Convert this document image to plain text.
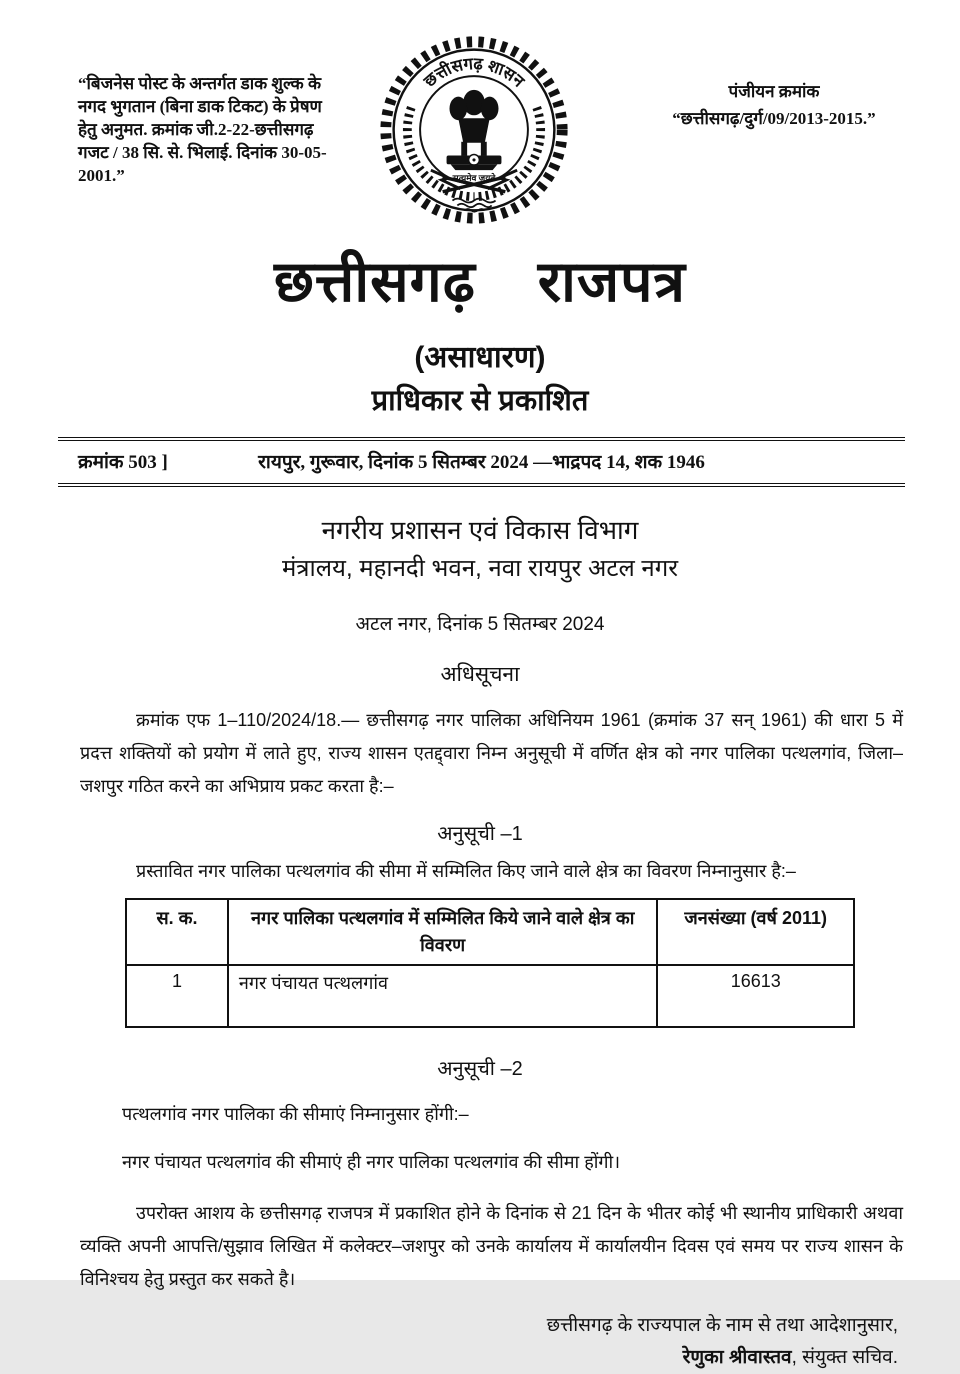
“बिजनेस पोस्ट के अन्तर्गत डाक शुल्क के नगद भुगतान (बिना डाक टिकट) के प्रेषण हेतु अनुमत. क्रमांक जी.2-22-छत्तीसगढ़ गजट / 38 सि. से. भिलाई. दिनांक 30-05-2001.”
छत्तीसगढ़ शासन
सत्यमेव जयते
पंजीयन क्रमांक
“छत्तीसगढ़/दुर्ग/09/2013-2015.”
छत्तीसगढ़ राजपत्र
(असाधारण)
प्राधिकार से प्रकाशित
क्रमांक 503 ]	रायपुर, गुरूवार, दिनांक 5 सितम्बर 2024 —भाद्रपद 14, शक 1946
नगरीय प्रशासन एवं विकास विभाग
मंत्रालय, महानदी भवन, नवा रायपुर अटल नगर
अटल नगर, दिनांक 5 सितम्बर 2024
अधिसूचना
क्रमांक एफ 1–110/2024/18.— छत्तीसगढ़ नगर पालिका अधिनियम 1961 (क्रमांक 37 सन् 1961) की धारा 5 में प्रदत्त शक्तियों को प्रयोग में लाते हुए, राज्य शासन एतद्द्वारा निम्न अनुसूची में वर्णित क्षेत्र को नगर पालिका पत्थलगांव, जिला–जशपुर गठित करने का अभिप्राय प्रकट करता है:–
अनुसूची –1
प्रस्तावित नगर पालिका पत्थलगांव की सीमा में सम्मिलित किए जाने वाले क्षेत्र का विवरण निम्नानुसार है:–
स. क.	नगर पालिका पत्थलगांव में सम्मिलित किये जाने वाले क्षेत्र का विवरण	जनसंख्या (वर्ष 2011)
1	नगर पंचायत पत्थलगांव	16613
अनुसूची –2
पत्थलगांव नगर पालिका की सीमाएं निम्नानुसार होंगी:–
नगर पंचायत पत्थलगांव की सीमाएं ही नगर पालिका पत्थलगांव की सीमा होंगी।
उपरोक्त आशय के छत्तीसगढ़ राजपत्र में प्रकाशित होने के दिनांक से 21 दिन के भीतर कोई भी स्थानीय प्राधिकारी अथवा व्यक्ति अपनी आपत्ति/सुझाव लिखित में कलेक्टर–जशपुर को उनके कार्यालय में कार्यालयीन दिवस एवं समय पर राज्य शासन के विनिश्चय हेतु प्रस्तुत कर सकते है।
छत्तीसगढ़ के राज्यपाल के नाम से तथा आदेशानुसार,
रेणुका श्रीवास्तव, संयुक्त सचिव.
